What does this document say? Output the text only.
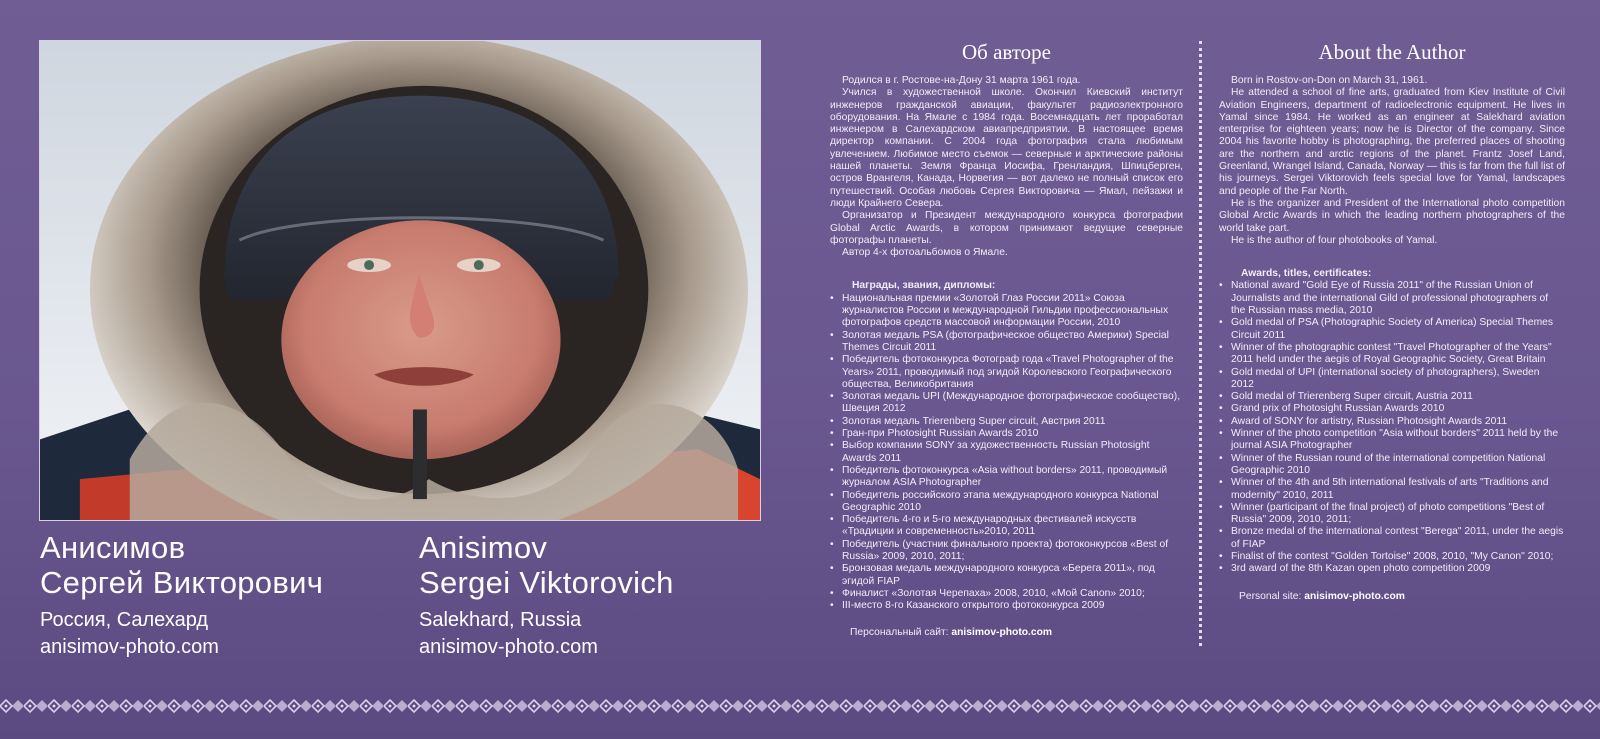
Анисимов
Сергей Викторович
Россия, Салехард
anisimov-photo.com
Anisimov
Sergei Viktorovich
Salekhard, Russia
anisimov-photo.com
Об авторе

Родился в г. Ростове-на-Дону 31 марта 1961 года.

Учился в художественной школе. Окончил Киевский институт инженеров гражданской авиации, факультет радиоэлектронного оборудования. На Ямале с 1984 года. Восемнадцать лет проработал инженером в Салехардском авиапредприятии. В настоящее время директор компании. С 2004 года фотография стала любимым увлечением. Любимое место съемок — северные и арктические районы нашей планеты. Земля Франца Иосифа, Гренландия, Шпицберген, остров Врангеля, Канада, Норвегия — вот далеко не полный список его путешествий. Особая любовь Сергея Викторовича — Ямал, пейзажи и люди Крайнего Севера.

Организатор и Президент международного конкурса фотографии Global Arctic Awards, в котором принимают ведущие северные фотографы планеты.

Автор 4-х фотоальбомов о Ямале.

Награды, звания, дипломы:
• Национальная премии «Золотой Глаз России 2011» Союза журналистов России и международной Гильдии профессиональных фотографов средств массовой информации России, 2010
• Золотая медаль PSA (фотографическое общество Америки) Special Themes Circuit 2011
• Победитель фотоконкурса Фотограф года «Travel Photographer of the Years» 2011, проводимый под эгидой Королевского Географического общества, Великобритания
• Золотая медаль UPI (Международное фотографическое сообществo), Швеция 2012
• Золотая медаль Trierenberg Super circuit, Австрия 2011
• Гран-при Photosight Russian Awards 2010
• Выбор компании SONY за художественность Russian Photosight Awards 2011
• Победитель фотоконкурса «Asia without borders» 2011, проводимый журналом ASIA Photographer
• Победитель российского этапа международного конкурса National Geographic 2010
• Победитель 4-го и 5-го международных фестивалей искусств «Традиции и современность»2010, 2011
• Победитель (участник финального проекта) фотоконкурсов «Best of Russia» 2009, 2010, 2011;
• Бронзовая медаль международного конкурса «Берега 2011», под эгидой FIAP
• Финалист «Золотая Черепаха» 2008, 2010, «Мой Canon» 2010;
• III-место 8-го Казанского открытого фотоконкурса 2009
Персональный сайт: anisimov-photo.com
About the Author

Born in Rostov-on-Don on March 31, 1961.

He attended a school of fine arts, graduated from Kiev Institute of Civil Aviation Engineers, department of radioelectronic equipment. He lives in Yamal since 1984. He worked as an engineer at Salekhard aviation enterprise for eighteen years; now he is Director of the company. Since 2004 his favorite hobby is photographing, the preferred places of shooting are the northern and arctic regions of the planet. Frantz Josef Land, Greenland, Wrangel Island, Canada, Norway — this is far from the full list of his journeys. Sergei Viktorovich feels special love for Yamal, landscapes and people of the Far North.

He is the organizer and President of the International photo competition Global Arctic Awards in which the leading northern photographers of the world take part.

He is the author of four photobooks of Yamal.

Awards, titles, certificates:
• National award "Gold Eye of Russia 2011" of the Russian Union of Journalists and the international Gild of professional photographers of the Russian mass media, 2010
• Gold medal of PSA (Photographic Society of America) Special Themes Circuit 2011
• Winner of the photographic contest "Travel Photographer of the Years" 2011 held under the aegis of Royal Geographic Society, Great Britain
• Gold medal of UPI (international society of photographers), Sweden 2012
• Gold medal of Trierenberg Super circuit, Austria 2011
• Grand prix of Photosight Russian Awards 2010
• Award of SONY for artistry, Russian Photosight Awards 2011
• Winner of the photo competition "Asia without borders" 2011 held by the journal ASIA Photographer
• Winner of the Russian round of the international competition National Geographic 2010
• Winner of the 4th and 5th international festivals of arts "Traditions and modernity" 2010, 2011
• Winner (participant of the final project) of photo competitions "Best of Russia" 2009, 2010, 2011;
• Bronze medal of the international contest "Berega" 2011, under the aegis of FIAP
• Finalist of the contest "Golden Tortoise" 2008, 2010, "My Canon" 2010;
• 3rd award of the 8th Kazan open photo competition 2009
Personal site: anisimov-photo.com
